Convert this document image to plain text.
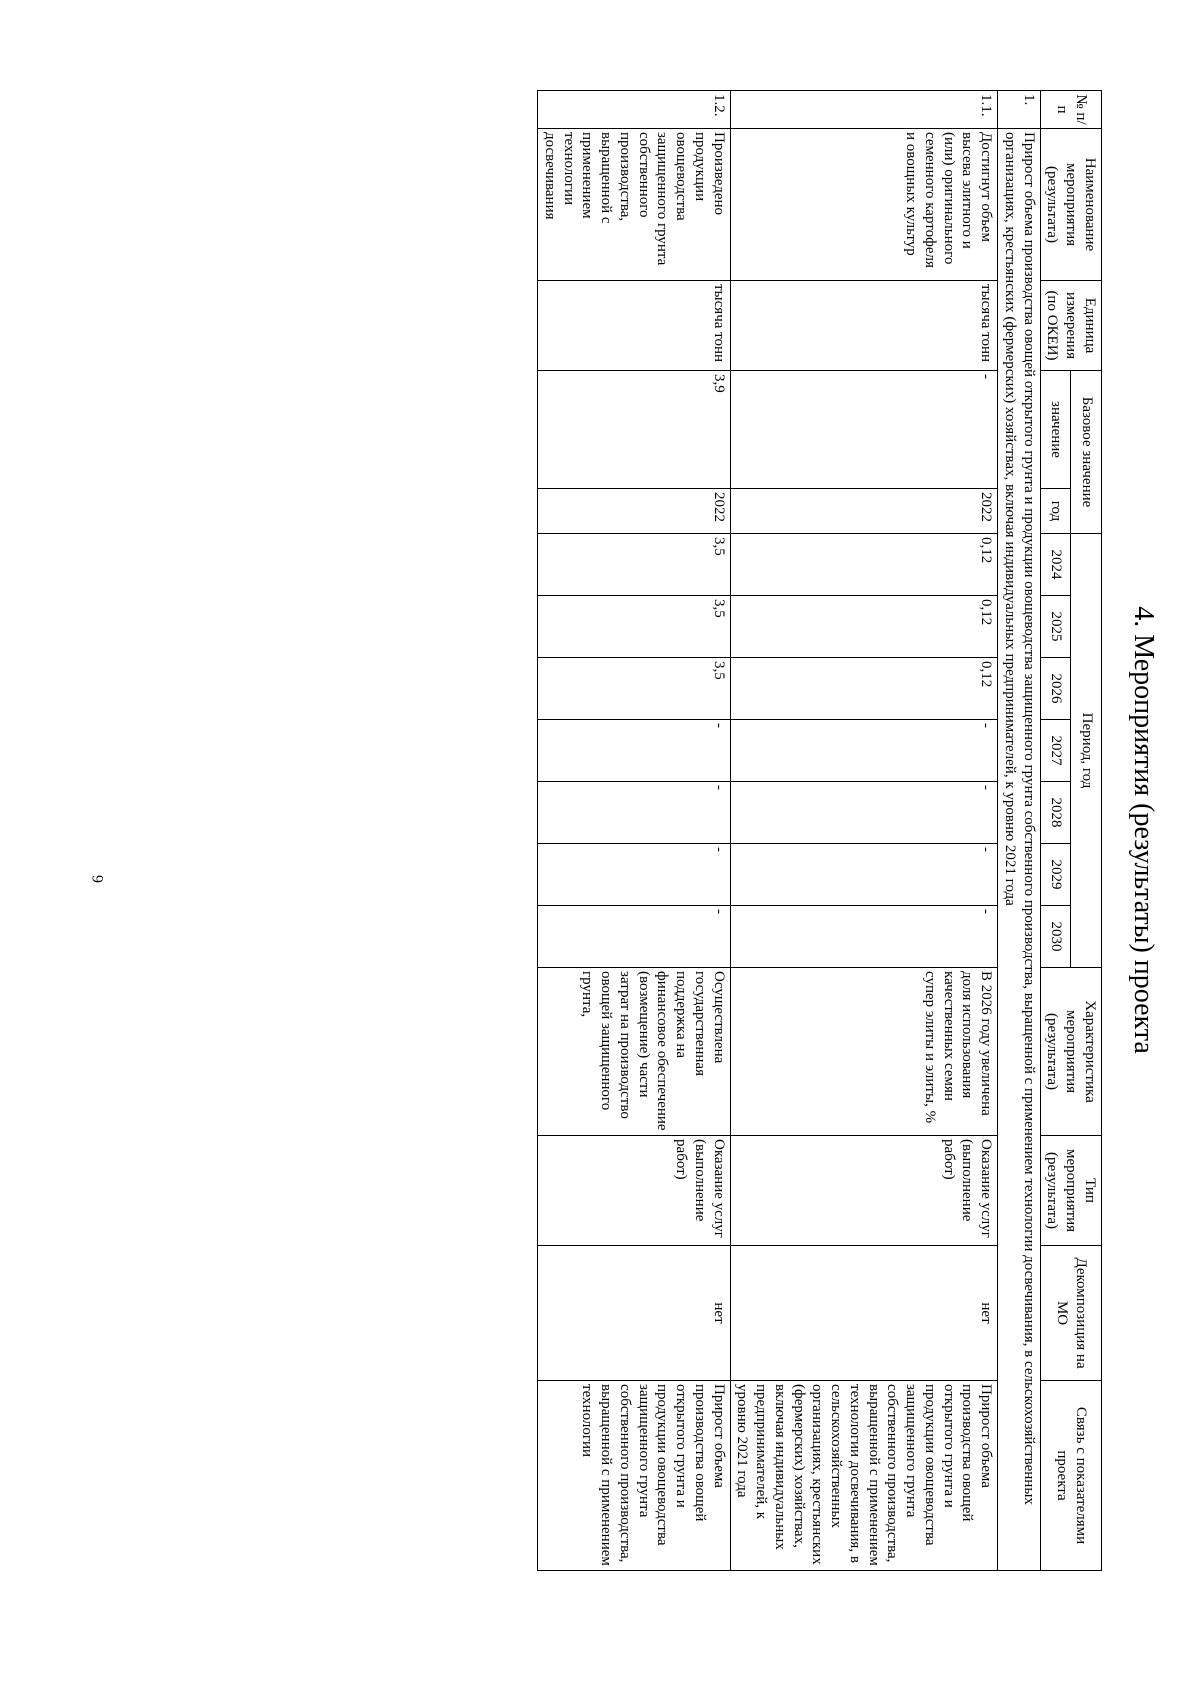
6	4. Мероприятия (результаты) проекта
№ п/п	Наименование мероприятия (результата)	Единица измерения (по ОКЕИ)	Базовое значение		Период, год							Характеристика мероприятия (результата)	Тип мероприятия (результата)	Декомпозиция на МО	Связь с показателями проекта
			значение	год	2024	2025	2026	2027	2028	2029	2030				
1.	Прирост объема производства овощей открытого грунта и продукции овощеводства защищенного грунта собственного производства, выращенной с применением технологии досвечивания, в сельскохозяйственных организациях, крестьянских (фермерских) хозяйствах, включая индивидуальных предпринимателей, к уровню 2021 года														
1.1.	Достигнут объем высева элитного и (или) оригинального семенного картофеля и овощных культур	тысяча тонн	-	2022	0,12	0,12	0,12	-	-	-	-	В 2026 году увеличена доля использования качественных семян супер элиты и элиты, %	Оказание услуг (выполнение работ)	нет	Прирост объема производства овощей открытого грунта и продукции овощеводства защищенного грунта собственного производства, выращенной с применением технологии досвечивания, в сельскохозяйственных организациях, крестьянских (фермерских) хозяйствах, включая индивидуальных предпринимателей, к уровню 2021 года
1.2.	Произведено продукции овощеводства защищенного грунта собственного производства, выращенной с применением технологии досвечивания	тысяча тонн	3,9	2022	3,5	3,5	3,5	-	-	-	-	Осуществлена государственная поддержка на финансовое обеспечение (возмещение) части затрат на производство овощей защищенного грунта,	Оказание услуг (выполнение работ)	нет	Прирост объема производства овощей открытого грунта и продукции овощеводства защищенного грунта собственного производства, выращенной с применением технологии
